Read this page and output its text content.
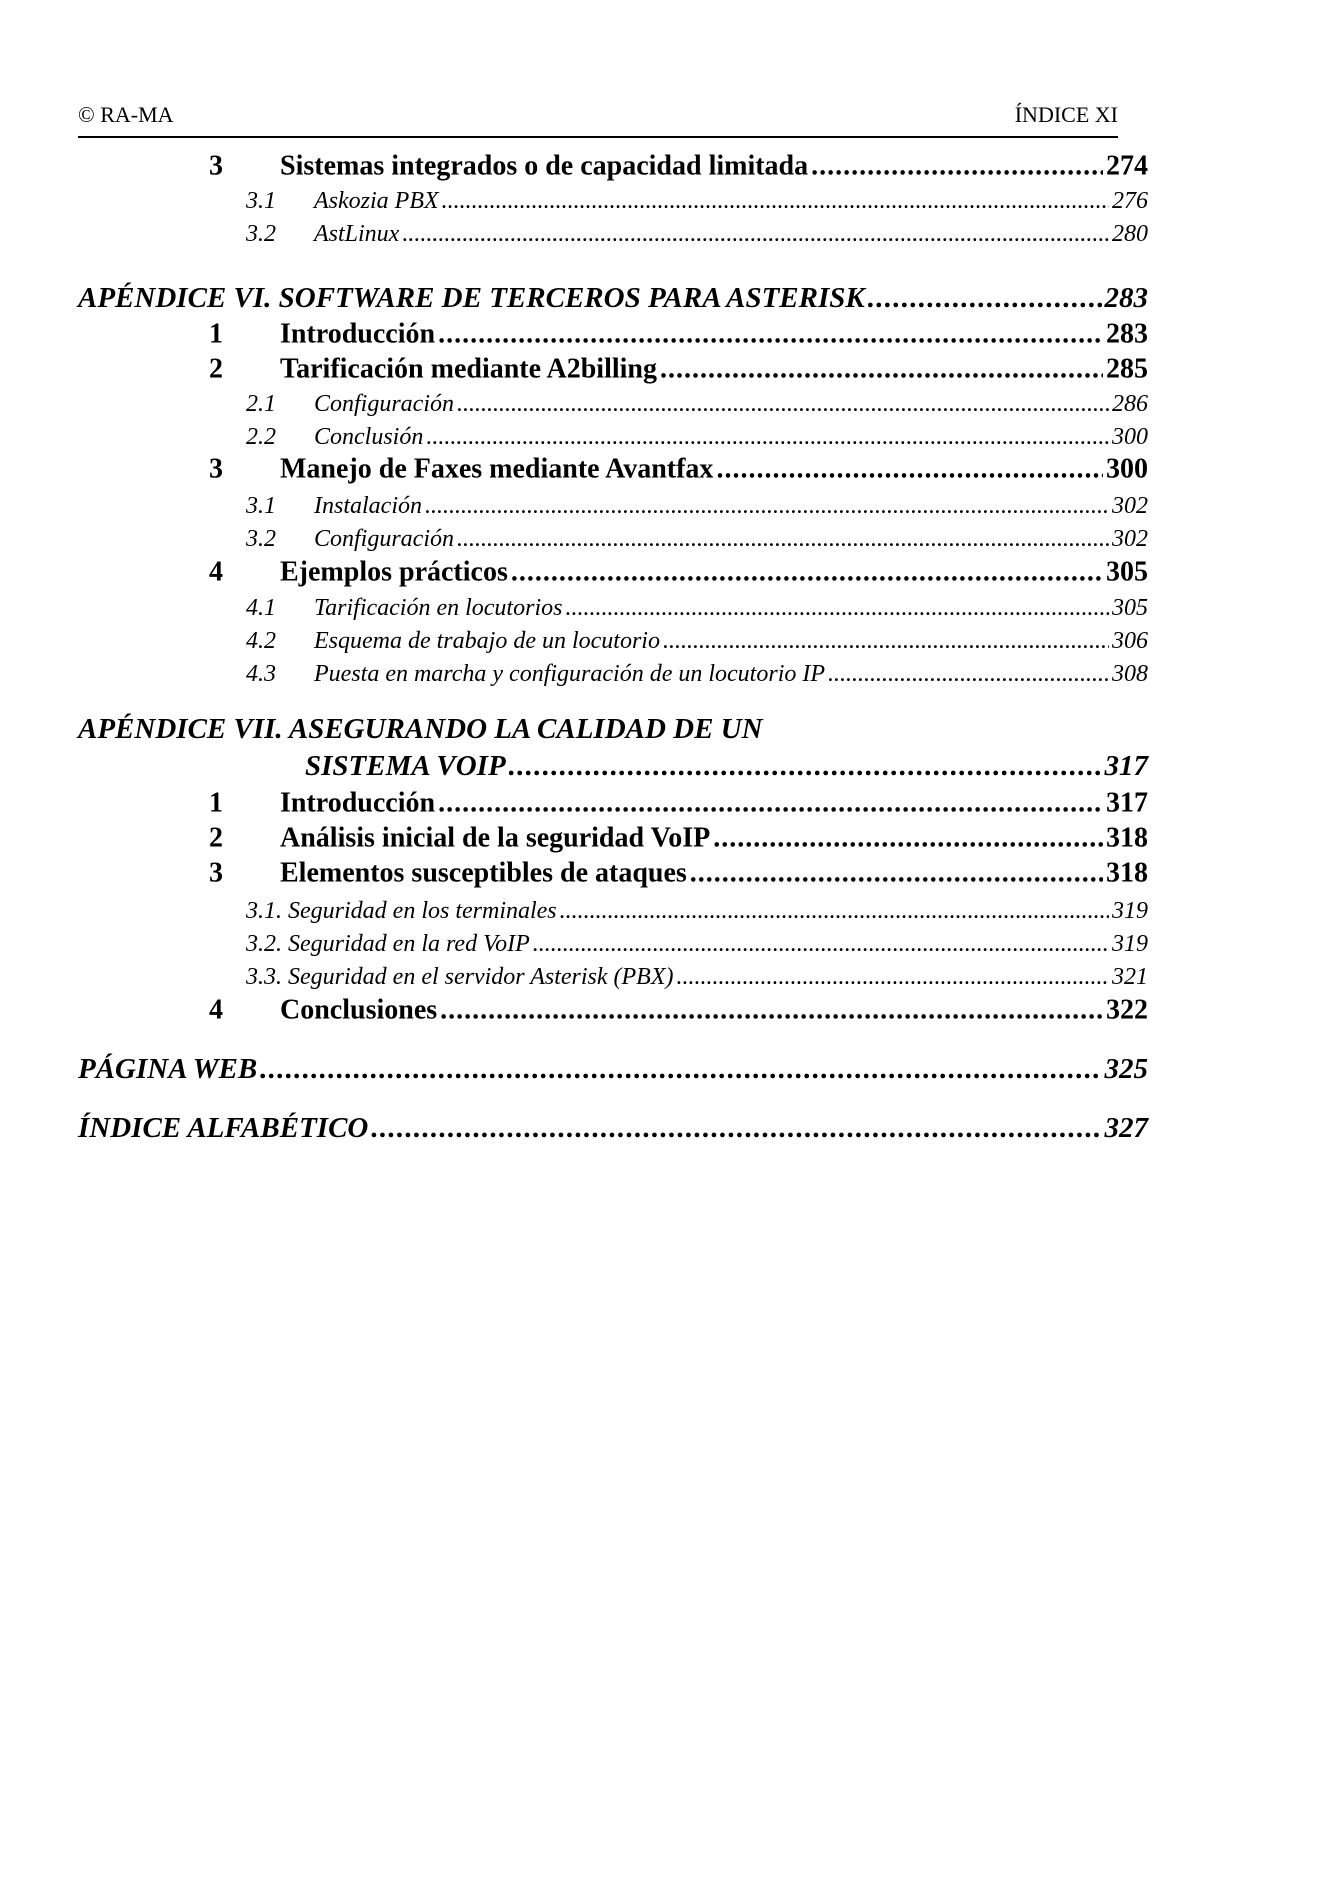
© RA-MA	ÍNDICE XI
3 Sistemas integrados o de capacidad limitada . . .	274
3.1 Askozia PBX . . .	276
3.2 AstLinux . . .	280
APÉNDICE VI. SOFTWARE DE TERCEROS PARA ASTERISK . . .	283
1 Introducción . . .	283
2 Tarificación mediante A2billing . . .	285
2.1 Configuración . . .	286
2.2 Conclusión . . .	300
3 Manejo de Faxes mediante Avantfax . . .	300
3.1 Instalación . . .	302
3.2 Configuración . . .	302
4 Ejemplos prácticos . . .	305
4.1 Tarificación en locutorios . . .	305
4.2 Esquema de trabajo de un locutorio . . .	306
4.3 Puesta en marcha y configuración de un locutorio IP . . .	308
APÉNDICE VII. ASEGURANDO LA CALIDAD DE UN
SISTEMA VOIP . . .	317
1 Introducción . . .	317
2 Análisis inicial de la seguridad VoIP . . .	318
3 Elementos susceptibles de ataques . . .	318
3.1. Seguridad en los terminales . . .	319
3.2. Seguridad en la red VoIP . . .	319
3.3. Seguridad en el servidor Asterisk (PBX) . . .	321
4 Conclusiones . . .	322
PÁGINA WEB . . .	325
ÍNDICE ALFABÉTICO . . .	327
